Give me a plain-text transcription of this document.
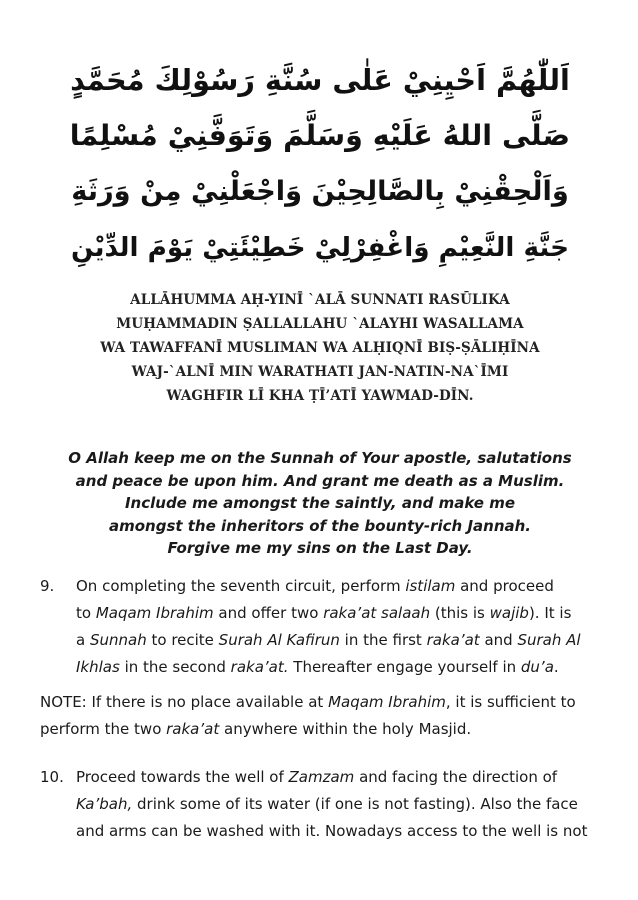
اَللّٰهُمَّ اَحْيِنِيْ عَلٰى سُنَّةِ رَسُوْلِكَ مُحَمَّدٍ
صَلَّى اللهُ عَلَيْهِ وَسَلَّمَ وَتَوَفَّنِيْ مُسْلِمًا
وَاَلْحِقْنِيْ بِالصَّالِحِيْنَ وَاجْعَلْنِيْ مِنْ وَرَثَةِ
جَنَّةِ النَّعِيْمِ وَاغْفِرْلِيْ خَطِيْئَتِيْ يَوْمَ الدِّيْنِ
ALLĀHUMMA AḤ-YINĪ `ALĀ SUNNATI RASŪLIKA
MUḤAMMADIN ṢALLALLAHU `ALAYHI WASALLAMA
WA TAWAFFANĪ MUSLIMAN WA ALḤIQNĪ BIṢ-ṢĀLIḤĪNA
WAJ-`ALNĪ MIN WARATHATI JAN-NATIN-NA`ĪMI
WAGHFIR LĪ KHA ṬĪ’ATĪ YAWMAD-DĪN.
O Allah keep me on the Sunnah of Your apostle, salutations
and peace be upon him. And grant me death as a Muslim.
Include me amongst the saintly, and make me
amongst the inheritors of the bounty-rich Jannah.
Forgive me my sins on the Last Day.
9. On completing the seventh circuit, perform istilam and proceed
to Maqam Ibrahim and offer two raka’at salaah (this is wajib). It is
a Sunnah to recite Surah Al Kafirun in the first raka’at and Surah Al
Ikhlas in the second raka’at. Thereafter engage yourself in du’a.
NOTE: If there is no place available at Maqam Ibrahim, it is sufficient to
perform the two raka’at anywhere within the holy Masjid.
10. Proceed towards the well of Zamzam and facing the direction of
Ka’bah, drink some of its water (if one is not fasting). Also the face
and arms can be washed with it. Nowadays access to the well is not
